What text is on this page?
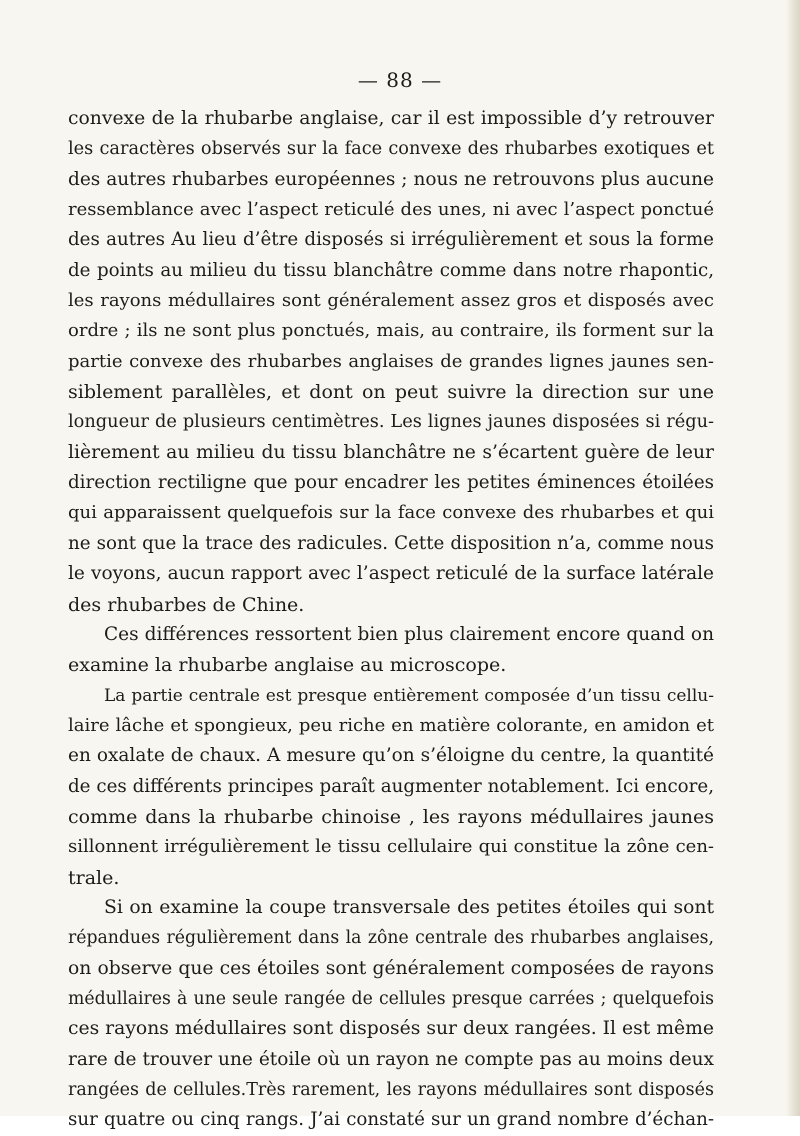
— 88 —
convexe de la rhubarbe anglaise, car il est impossible d’y retrouver
les caractères observés sur la face convexe des rhubarbes exotiques et
des autres rhubarbes européennes ; nous ne retrouvons plus aucune
ressemblance avec l’aspect reticulé des unes, ni avec l’aspect ponctué
des autres Au lieu d’être disposés si irrégulièrement et sous la forme
de points au milieu du tissu blanchâtre comme dans notre rhapontic,
les rayons médullaires sont généralement assez gros et disposés avec
ordre ; ils ne sont plus ponctués, mais, au contraire, ils forment sur la
partie convexe des rhubarbes anglaises de grandes lignes jaunes sen-
siblement parallèles, et dont on peut suivre la direction sur une
longueur de plusieurs centimètres. Les lignes jaunes disposées si régu-
lièrement au milieu du tissu blanchâtre ne s’écartent guère de leur
direction rectiligne que pour encadrer les petites éminences étoilées
qui apparaissent quelquefois sur la face convexe des rhubarbes et qui
ne sont que la trace des radicules. Cette disposition n’a, comme nous
le voyons, aucun rapport avec l’aspect reticulé de la surface latérale
des rhubarbes de Chine.
Ces différences ressortent bien plus clairement encore quand on
examine la rhubarbe anglaise au microscope.
La partie centrale est presque entièrement composée d’un tissu cellu-
laire lâche et spongieux, peu riche en matière colorante, en amidon et
en oxalate de chaux. A mesure qu’on s’éloigne du centre, la quantité
de ces différents principes paraît augmenter notablement. Ici encore,
comme dans la rhubarbe chinoise , les rayons médullaires jaunes
sillonnent irrégulièrement le tissu cellulaire qui constitue la zône cen-
trale.
Si on examine la coupe transversale des petites étoiles qui sont
répandues régulièrement dans la zône centrale des rhubarbes anglaises,
on observe que ces étoiles sont généralement composées de rayons
médullaires à une seule rangée de cellules presque carrées ; quelquefois
ces rayons médullaires sont disposés sur deux rangées. Il est même
rare de trouver une étoile où un rayon ne compte pas au moins deux
rangées de cellules.Très rarement, les rayons médullaires sont disposés
sur quatre ou cinq rangs. J’ai constaté sur un grand nombre d’échan-
